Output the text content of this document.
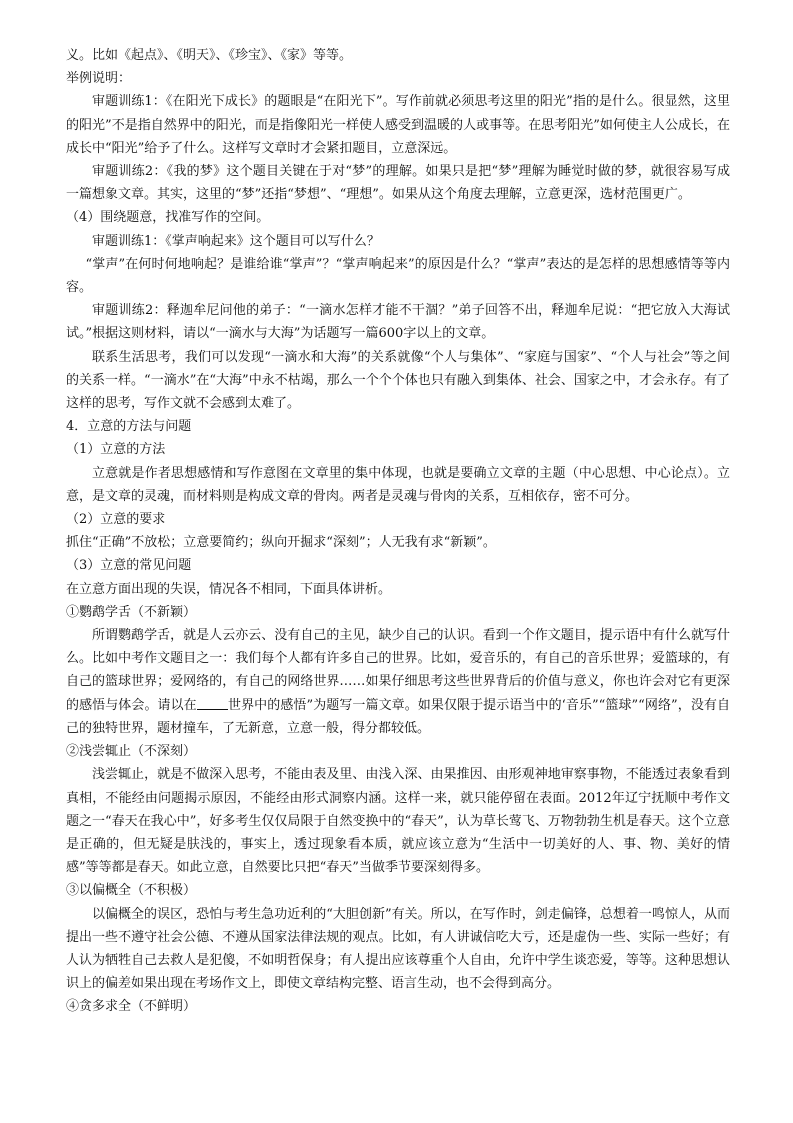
义。比如《起点》、《明天》、《珍宝》、《家》等等。

举例说明：

审题训练1：《在阳光下成长》的题眼是“在阳光下”。写作前就必须思考这里的阳光”指的是什么。很显然，这里的阳光”不是指自然界中的阳光，而是指像阳光一样使人感受到温暖的人或事等。在思考阳光”如何使主人公成长，在成长中“阳光”给予了什么。这样写文章时才会紧扣题目，立意深远。

审题训练2：《我的梦》这个题目关键在于对“梦”的理解。如果只是把“梦”理解为睡觉时做的梦，就很容易写成一篇想象文章。其实，这里的“梦”还指“梦想”、“理想”。如果从这个角度去理解，立意更深，选材范围更广。

（4）围绕题意，找准写作的空间。

审题训练1：《掌声响起来》这个题目可以写什么？

“掌声”在何时何地响起？是谁给谁“掌声”？“掌声响起来”的原因是什么？“掌声”表达的是怎样的思想感情等等内容。

审题训练2：释迦牟尼问他的弟子：“一滴水怎样才能不干涸？”弟子回答不出，释迦牟尼说：“把它放入大海试试。”根据这则材料，请以“一滴水与大海”为话题写一篇600字以上的文章。

联系生活思考，我们可以发现“一滴水和大海”的关系就像“个人与集体”、“家庭与国家”、“个人与社会”等之间的关系一样。“一滴水”在“大海”中永不枯竭，那么一个个个体也只有融入到集体、社会、国家之中，才会永存。有了这样的思考，写作文就不会感到太难了。

4．立意的方法与问题

（1）立意的方法

立意就是作者思想感情和写作意图在文章里的集中体现，也就是要确立文章的主题（中心思想、中心论点）。立意，是文章的灵魂，而材料则是构成文章的骨肉。两者是灵魂与骨肉的关系，互相依存，密不可分。

（2）立意的要求

抓住“正确”不放松；立意要简约；纵向开掘求“深刻”；人无我有求“新颖”。

（3）立意的常见问题

在立意方面出现的失误，情况各不相同，下面具体讲析。

①鹦鹉学舌（不新颖）

所谓鹦鹉学舌，就是人云亦云、没有自己的主见，缺少自己的认识。看到一个作文题目，提示语中有什么就写什么。比如中考作文题目之一：我们每个人都有许多自己的世界。比如，爱音乐的，有自己的音乐世界；爱篮球的，有自己的篮球世界；爱网络的，有自己的网络世界……如果仔细思考这些世界背后的价值与意义，你也许会对它有更深的感悟与体会。请以在 世界中的感悟”为题写一篇文章。如果仅限于提示语当中的‘音乐”“篮球”“网络”，没有自己的独特世界，题材撞车，了无新意，立意一般，得分都较低。

②浅尝辄止（不深刻）

浅尝辄止，就是不做深入思考，不能由表及里、由浅入深、由果推因、由形观神地审察事物，不能透过表象看到真相，不能经由问题揭示原因，不能经由形式洞察内涵。这样一来，就只能停留在表面。2012年辽宁抚顺中考作文题之一“春天在我心中”，好多考生仅仅局限于自然变换中的“春天”，认为草长莺飞、万物勃勃生机是春天。这个立意是正确的，但无疑是肤浅的，事实上，透过现象看本质，就应该立意为“生活中一切美好的人、事、物、美好的情感”等等都是春天。如此立意，自然要比只把“春天”当做季节要深刻得多。

③以偏概全（不积极）

以偏概全的误区，恐怕与考生急功近利的“大胆创新”有关。所以，在写作时，剑走偏锋，总想着一鸣惊人，从而提出一些不遵守社会公德、不遵从国家法律法规的观点。比如，有人讲诚信吃大亏，还是虚伪一些、实际一些好；有人认为牺牲自己去救人是犯傻，不如明哲保身；有人提出应该尊重个人自由，允许中学生谈恋爱，等等。这种思想认识上的偏差如果出现在考场作文上，即使文章结构完整、语言生动，也不会得到高分。

④贪多求全（不鲜明）
